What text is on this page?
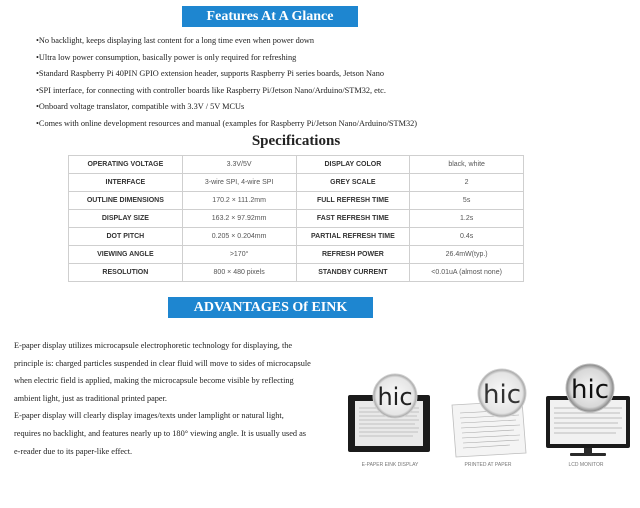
Features At A Glance
•No backlight, keeps displaying last content for a long time even when power down
•Ultra low power consumption, basically power is only required for refreshing
•Standard Raspberry Pi 40PIN GPIO extension header, supports Raspberry Pi series boards, Jetson Nano
•SPI interface, for connecting with controller boards like Raspberry Pi/Jetson Nano/Arduino/STM32, etc.
•Onboard voltage translator, compatible with 3.3V / 5V MCUs
•Comes with online development resources and manual (examples for Raspberry Pi/Jetson Nano/Arduino/STM32)
Specifications
OPERATING VOLTAGE	3.3V/5V	DISPLAY COLOR	black, white
INTERFACE	3-wire SPI, 4-wire SPI	GREY SCALE	2
OUTLINE DIMENSIONS	170.2 × 111.2mm	FULL REFRESH TIME	5s
DISPLAY SIZE	163.2 × 97.92mm	FAST REFRESH TIME	1.2s
DOT PITCH	0.205 × 0.204mm	PARTIAL REFRESH TIME	0.4s
VIEWING ANGLE	>170°	REFRESH POWER	26.4mW(typ.)
RESOLUTION	800 × 480 pixels	STANDBY CURRENT	<0.01uA (almost none)
ADVANTAGES Of EINK

E-paper display utilizes microcapsule electrophoretic technology for displaying, the

principle is: charged particles suspended in clear fluid will move to sides of microcapsule

when electric field is applied, making the microcapsule become visible by reflecting

ambient light, just as traditional printed paper.

E-paper display will clearly display images/texts under lamplight or natural light,

requires no backlight, and features nearly up to 180° viewing angle. It is usually used as

e-reader due to its paper-like effect.

hic
E-PAPER EINK DISPLAY
hic
PRINTED AT PAPER
hic
LCD MONITOR
